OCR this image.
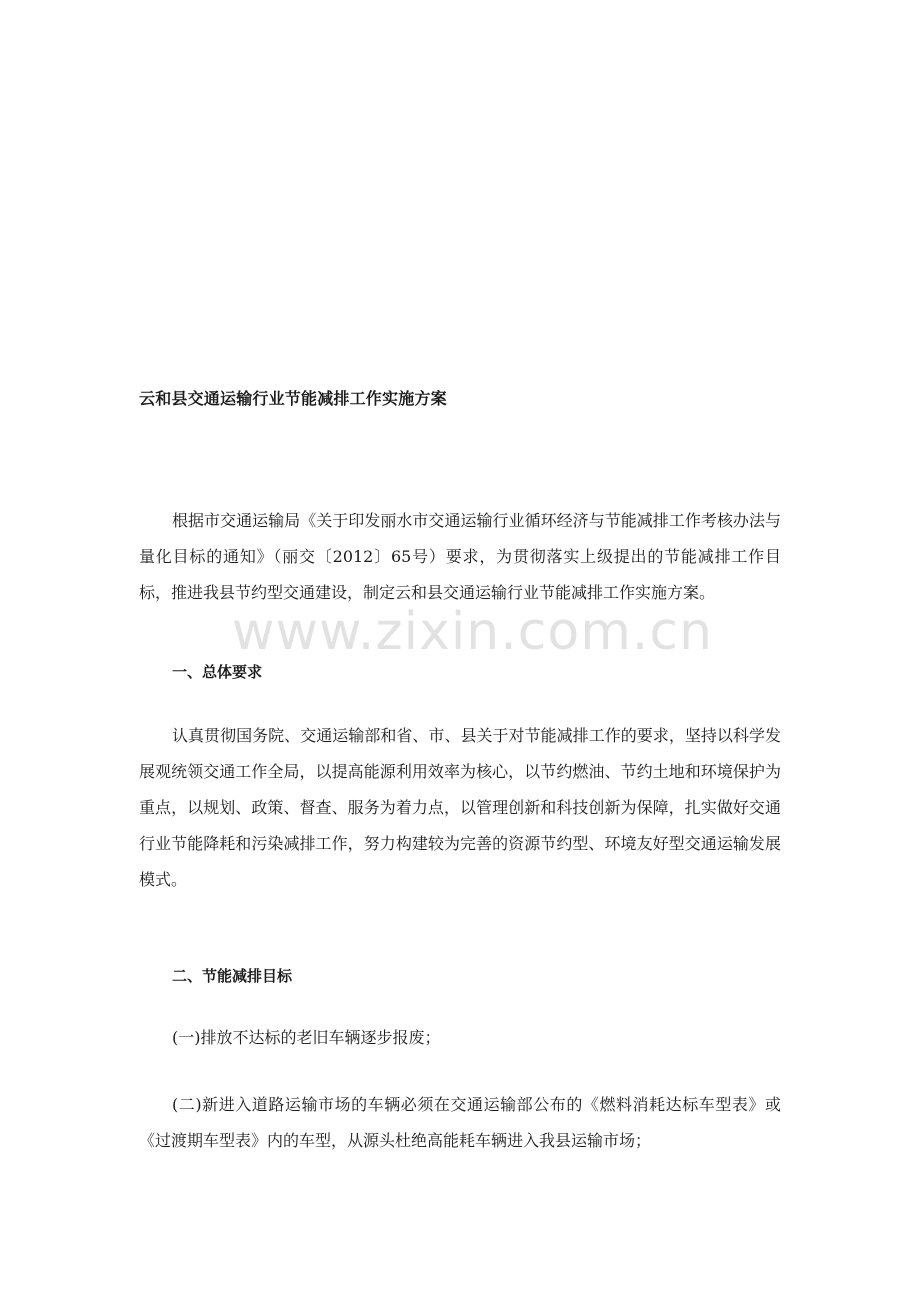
云和县交通运输行业节能减排工作实施方案

根据市交通运输局《关于印发丽水市交通运输行业循环经济与节能减排工作考核办法与量化目标的通知》（丽交〔2012〕65号）要求，为贯彻落实上级提出的节能减排工作目标，推进我县节约型交通建设，制定云和县交通运输行业节能减排工作实施方案。

一、总体要求

认真贯彻国务院、交通运输部和省、市、县关于对节能减排工作的要求，坚持以科学发展观统领交通工作全局，以提高能源利用效率为核心，以节约燃油、节约土地和环境保护为重点，以规划、政策、督查、服务为着力点，以管理创新和科技创新为保障，扎实做好交通行业节能降耗和污染减排工作，努力构建较为完善的资源节约型、环境友好型交通运输发展模式。

二、节能减排目标

(一)排放不达标的老旧车辆逐步报废；

(二)新进入道路运输市场的车辆必须在交通运输部公布的《燃料消耗达标车型表》或《过渡期车型表》内的车型，从源头杜绝高能耗车辆进入我县运输市场；

www.zixin.com.cn
